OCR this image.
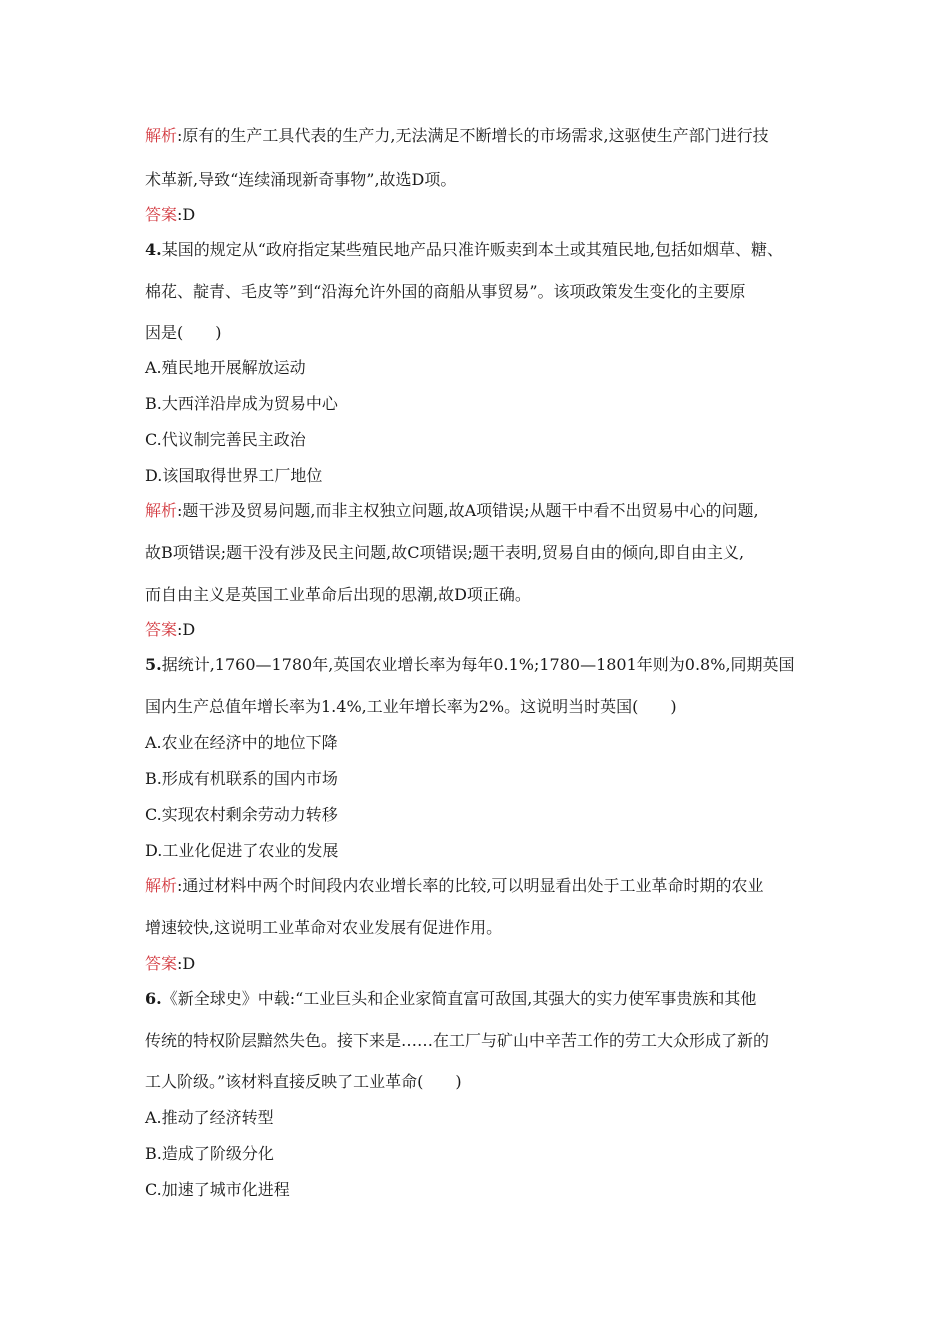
解析:原有的生产工具代表的生产力,无法满足不断增长的市场需求,这驱使生产部门进行技
术革新,导致“连续涌现新奇事物”,故选D项。
答案:D
4.某国的规定从“政府指定某些殖民地产品只准许贩卖到本土或其殖民地,包括如烟草、糖、
棉花、靛青、毛皮等”到“沿海允许外国的商船从事贸易”。该项政策发生变化的主要原
因是(　　)
A.殖民地开展解放运动
B.大西洋沿岸成为贸易中心
C.代议制完善民主政治
D.该国取得世界工厂地位
解析:题干涉及贸易问题,而非主权独立问题,故A项错误;从题干中看不出贸易中心的问题,
故B项错误;题干没有涉及民主问题,故C项错误;题干表明,贸易自由的倾向,即自由主义,
而自由主义是英国工业革命后出现的思潮,故D项正确。
答案:D
5.据统计,1760—1780年,英国农业增长率为每年0.1%;1780—1801年则为0.8%,同期英国
国内生产总值年增长率为1.4%,工业年增长率为2%。这说明当时英国(　　)
A.农业在经济中的地位下降
B.形成有机联系的国内市场
C.实现农村剩余劳动力转移
D.工业化促进了农业的发展
解析:通过材料中两个时间段内农业增长率的比较,可以明显看出处于工业革命时期的农业
增速较快,这说明工业革命对农业发展有促进作用。
答案:D
6.《新全球史》中载:“工业巨头和企业家简直富可敌国,其强大的实力使军事贵族和其他
传统的特权阶层黯然失色。接下来是……在工厂与矿山中辛苦工作的劳工大众形成了新的
工人阶级。”该材料直接反映了工业革命(　　)
A.推动了经济转型
B.造成了阶级分化
C.加速了城市化进程
